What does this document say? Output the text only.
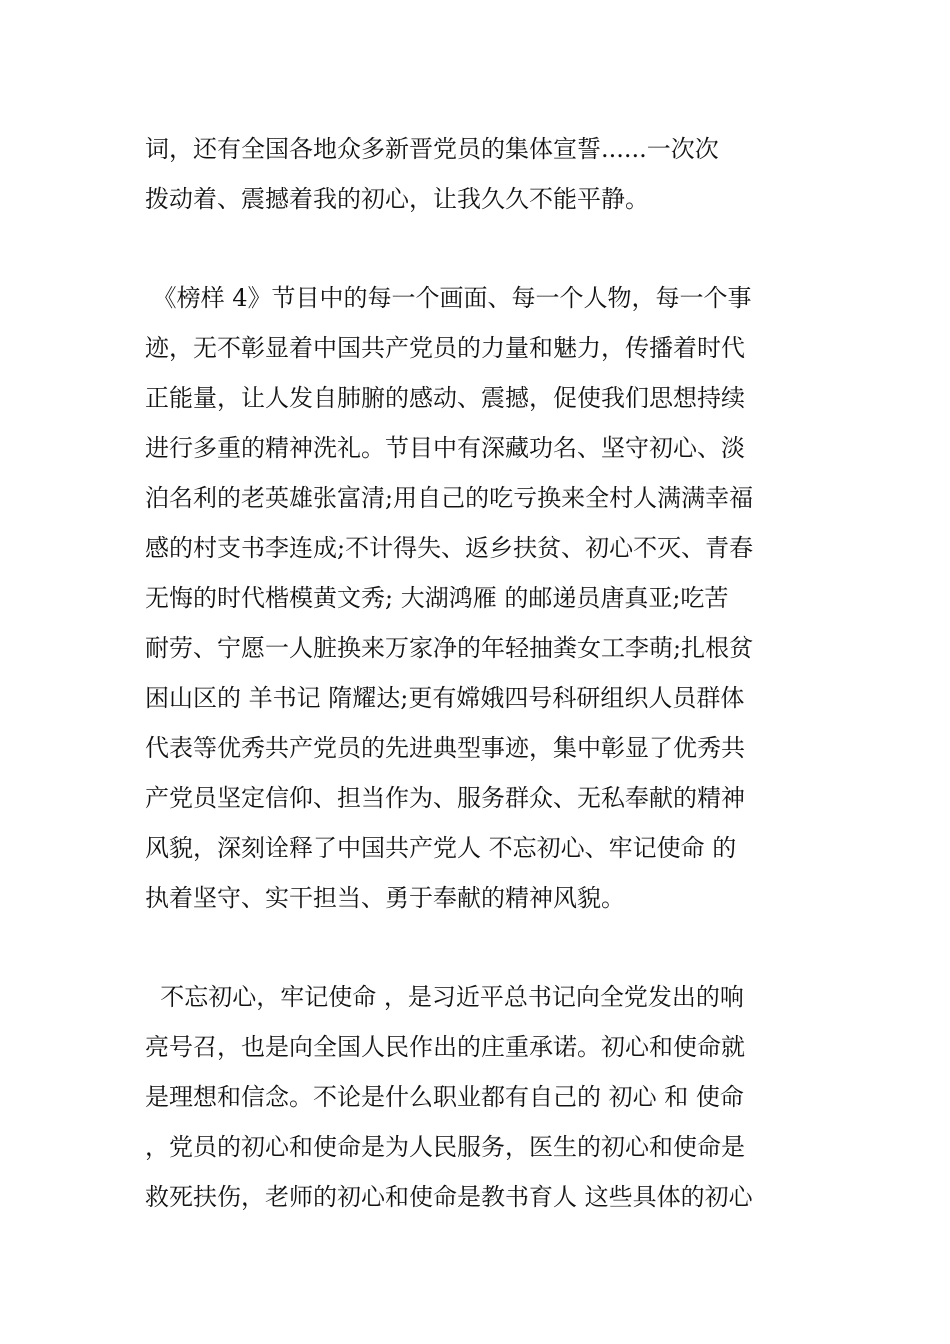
词，还有全国各地众多新晋党员的集体宣誓......一次次
拨动着、震撼着我的初心，让我久久不能平静。
《榜样 4》节目中的每一个画面、每一个人物，每一个事
迹，无不彰显着中国共产党员的力量和魅力，传播着时代
正能量，让人发自肺腑的感动、震撼，促使我们思想持续
进行多重的精神洗礼。节目中有深藏功名、坚守初心、淡
泊名利的老英雄张富清;用自己的吃亏换来全村人满满幸福
感的村支书李连成;不计得失、返乡扶贫、初心不灭、青春
无悔的时代楷模黄文秀; 大湖鸿雁 的邮递员唐真亚;吃苦
耐劳、宁愿一人脏换来万家净的年轻抽粪女工李萌;扎根贫
困山区的 羊书记 隋耀达;更有嫦娥四号科研组织人员群体
代表等优秀共产党员的先进典型事迹，集中彰显了优秀共
产党员坚定信仰、担当作为、服务群众、无私奉献的精神
风貌，深刻诠释了中国共产党人 不忘初心、牢记使命 的
执着坚守、实干担当、勇于奉献的精神风貌。
不忘初心，牢记使命 ，是习近平总书记向全党发出的响
亮号召，也是向全国人民作出的庄重承诺。初心和使命就
是理想和信念。不论是什么职业都有自己的 初心 和 使命
，党员的初心和使命是为人民服务，医生的初心和使命是
救死扶伤，老师的初心和使命是教书育人 这些具体的初心
